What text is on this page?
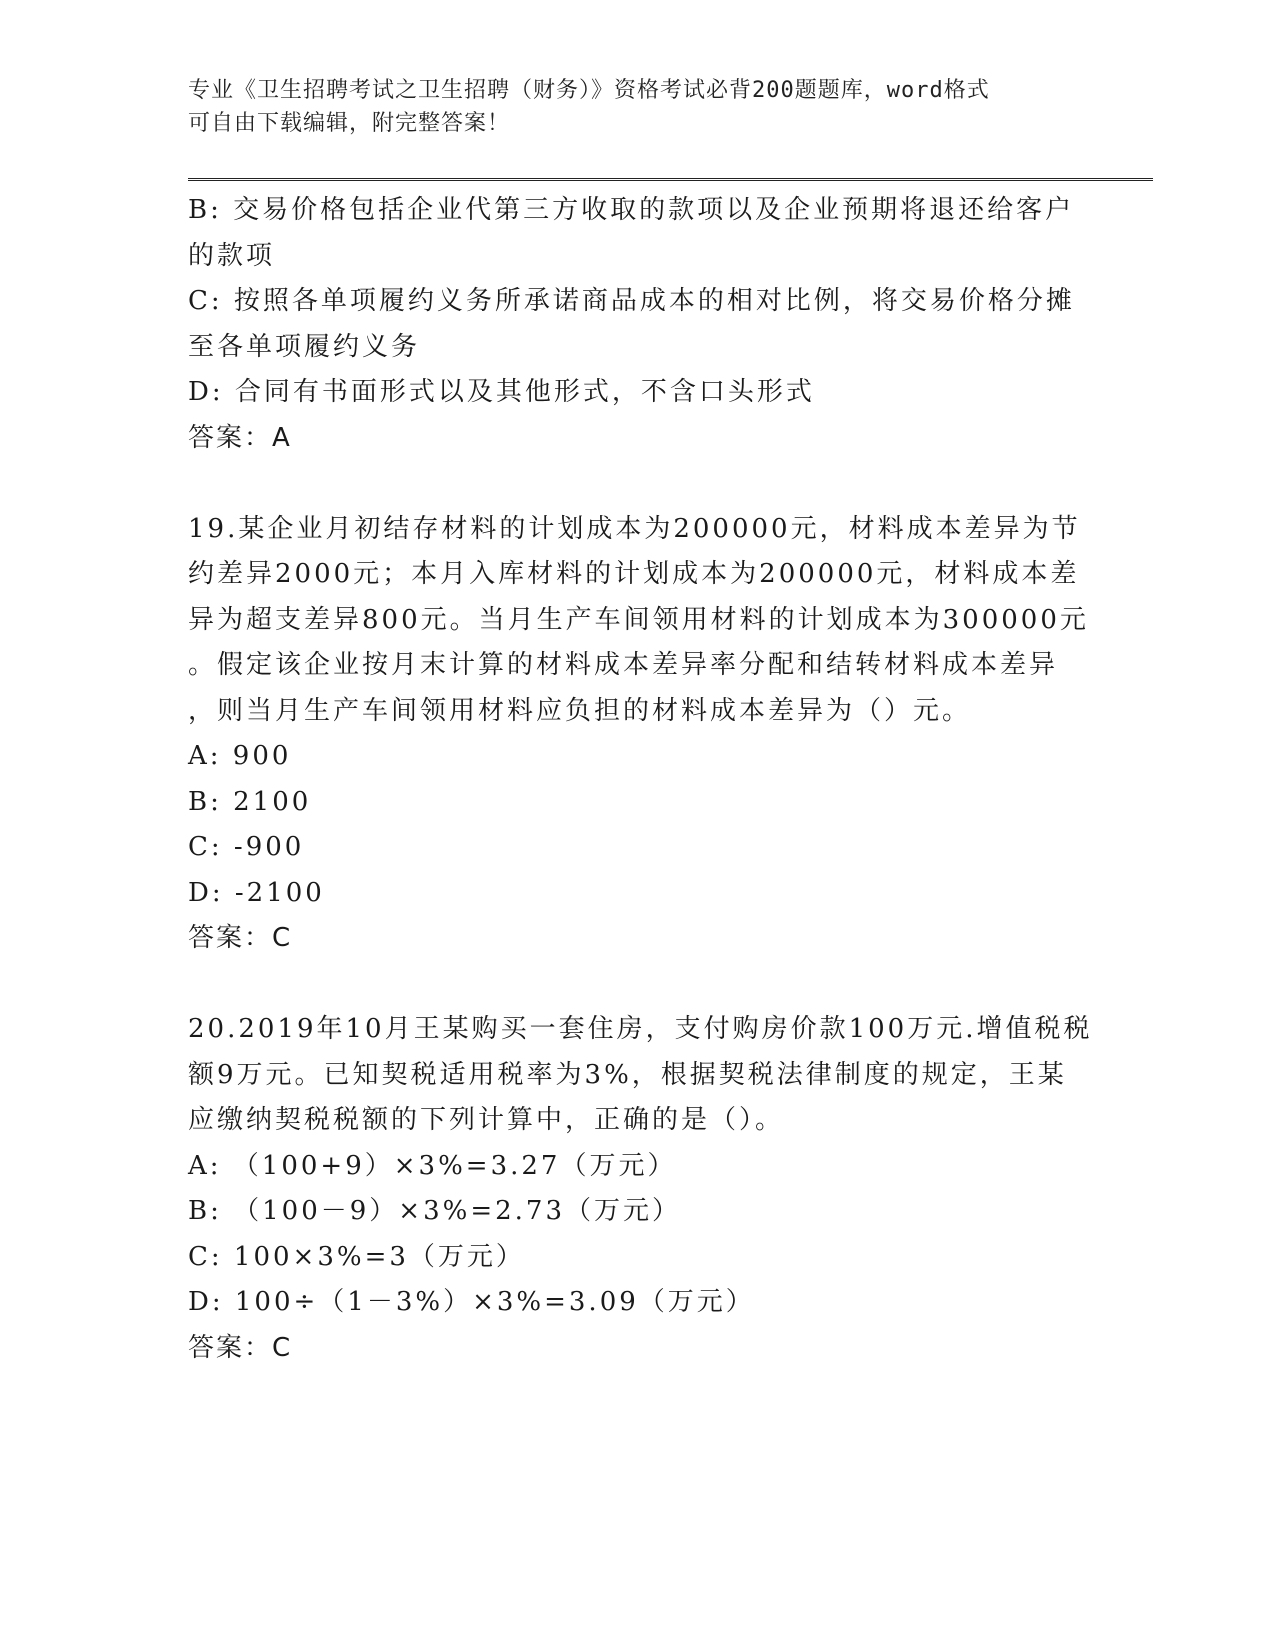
专业《卫生招聘考试之卫生招聘（财务）》资格考试必背200题题库，word格式
可自由下载编辑，附完整答案！
B: 交易价格包括企业代第三方收取的款项以及企业预期将退还给客户
的款项
C: 按照各单项履约义务所承诺商品成本的相对比例，将交易价格分摊
至各单项履约义务
D: 合同有书面形式以及其他形式，不含口头形式
答案：A
19.某企业月初结存材料的计划成本为200000元，材料成本差异为节
约差异2000元；本月入库材料的计划成本为200000元，材料成本差
异为超支差异800元。当月生产车间领用材料的计划成本为300000元
。假定该企业按月末计算的材料成本差异率分配和结转材料成本差异
，则当月生产车间领用材料应负担的材料成本差异为（）元。
A: 900
B: 2100
C: -900
D: -2100
答案：C
20.2019年10月王某购买一套住房，支付购房价款100万元.增值税税
额9万元。已知契税适用税率为3%，根据契税法律制度的规定，王某
应缴纳契税税额的下列计算中，正确的是（）。
A: （100+9）×3%=3.27（万元）
B: （100－9）×3%=2.73（万元）
C: 100×3%=3（万元）
D: 100÷（1－3%）×3%=3.09（万元）
答案：C
